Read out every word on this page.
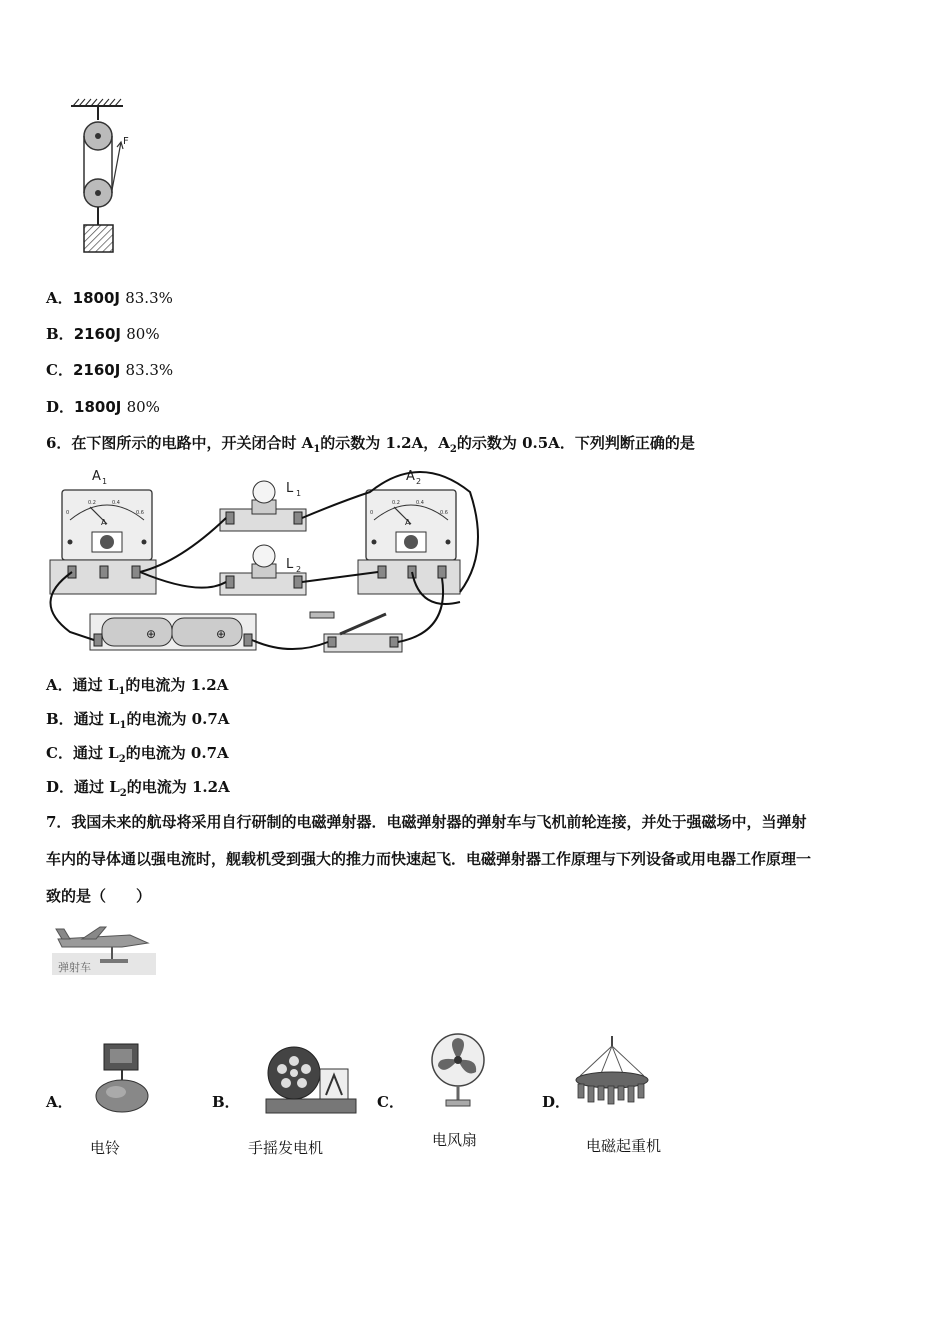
F
A．1800J 83.3%
B．2160J 80%
C．2160J 83.3%
D．1800J 80%
6．在下图所示的电路中，开关闭合时 $A_1$的示数为 1.2A，$A_2$的示数为 0.5A．下列判断正确的是
A 1
A
0
0.2	0.4
0.6
A 2
A
0
0.2	0.4
0.6
L 1
L 2
⊕	⊕
A．通过 $L_1$的电流为 1.2A
B．通过 $L_1$的电流为 0.7A
C．通过 $L_2$的电流为 0.7A
D．通过 $L_2$的电流为 1.2A
7．我国未来的航母将采用自行研制的电磁弹射器．电磁弹射器的弹射车与飞机前轮连接，并处于强磁场中，当弹射
车内的导体通以强电流时，舰载机受到强大的推力而快速起飞．电磁弹射器工作原理与下列设备或用电器工作原理一
致的是（　　）
弹射车
A．	B．	C．	D．
电铃	手摇发电机	电风扇	电磁起重机
